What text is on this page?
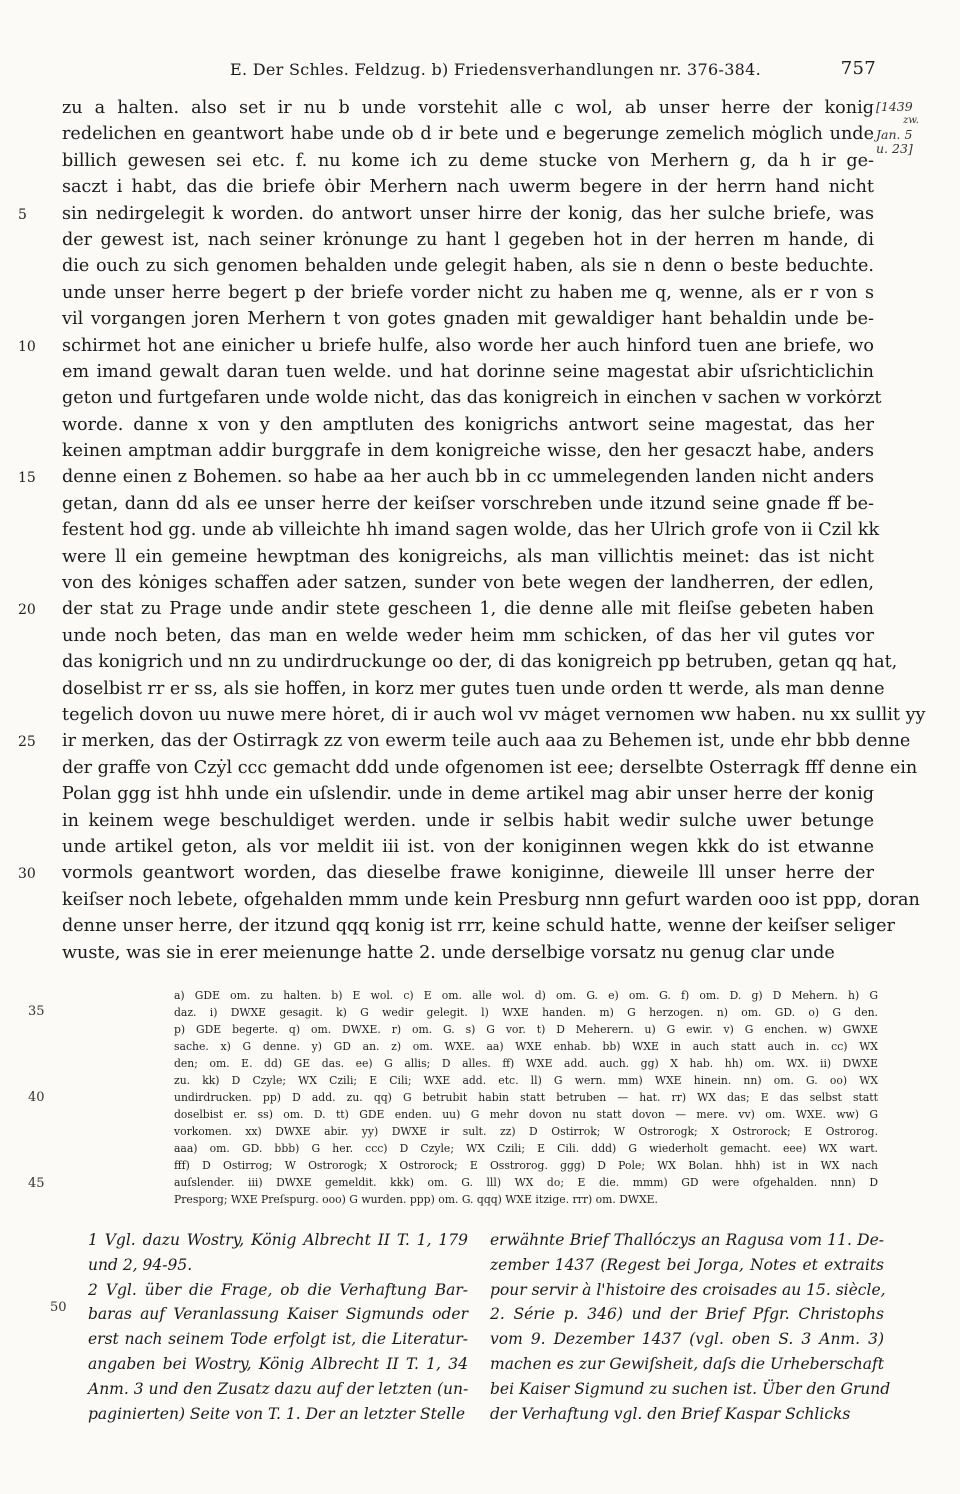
E. Der Schles. Feldzug. b) Friedensverhandlungen nr. 376-384.	757
[1439
zw.
Jan. 5
u. 23]
zu a halten. also set ir nu b unde vorstehit alle c wol, ab unser herre der konig
redelichen en geantwort habe unde ob d ir bete und e begerunge zemelich mȯglich unde
billich gewesen sei etc. f. nu kome ich zu deme stucke von Merhern g, da h ir ge-
saczt i habt, das die briefe ȯbir Merhern nach uwerm begere in der herrn hand nicht
5	sin nedirgelegit k worden. do antwort unser hirre der konig, das her sulche briefe, was
der gewest ist, nach seiner krȯnunge zu hant l gegeben hot in der herren m hande, di
die ouch zu sich genomen behalden unde gelegit haben, als sie n denn o beste beduchte.
unde unser herre begert p der briefe vorder nicht zu haben me q, wenne, als er r von s
vil vorgangen joren Merhern t von gotes gnaden mit gewaldiger hant behaldin unde be-
10	schirmet hot ane einicher u briefe hulfe, also worde her auch hinford tuen ane briefe, wo
em imand gewalt daran tuen welde. und hat dorinne seine magestat abir uſsrichticlichin
geton und furtgefaren unde wolde nicht, das das konigreich in einchen v sachen w vorkȯrzt
worde. danne x von y den amptluten des konigrichs antwort seine magestat, das her
keinen amptman addir burggrafe in dem konigreiche wisse, den her gesaczt habe, anders
15	denne einen z Bohemen. so habe aa her auch bb in cc ummelegenden landen nicht anders
getan, dann dd als ee unser herre der keiſser vorschreben unde itzund seine gnade ff be-
festent hod gg. unde ab villeichte hh imand sagen wolde, das her Ulrich grofe von ii Czil kk
were ll ein gemeine hewptman des konigreichs, als man villichtis meinet: das ist nicht
von des kȯniges schaffen ader satzen, sunder von bete wegen der landherren, der edlen,
20	der stat zu Prage unde andir stete gescheen 1, die denne alle mit fleiſse gebeten haben
unde noch beten, das man en welde weder heim mm schicken, of das her vil gutes vor
das konigrich und nn zu undirdruckunge oo der, di das konigreich pp betruben, getan qq hat,
doselbist rr er ss, als sie hoffen, in korz mer gutes tuen unde orden tt werde, als man denne
tegelich dovon uu nuwe mere hȯret, di ir auch wol vv mȧget vernomen ww haben. nu xx sullit yy
25	ir merken, das der Ostirragk zz von ewerm teile auch aaa zu Behemen ist, unde ehr bbb denne
der graffe von Czẏl ccc gemacht ddd unde ofgenomen ist eee; derselbte Osterragk fff denne ein
Polan ggg ist hhh unde ein uſslendir. unde in deme artikel mag abir unser herre der konig
in keinem wege beschuldiget werden. unde ir selbis habit wedir sulche uwer betunge
unde artikel geton, als vor meldit iii ist. von der koniginnen wegen kkk do ist etwanne
30	vormols geantwort worden, das dieselbe frawe koniginne, dieweile lll unser herre der
keiſser noch lebete, ofgehalden mmm unde kein Presburg nnn gefurt warden ooo ist ppp, doran
denne unser herre, der itzund qqq konig ist rrr, keine schuld hatte, wenne der keiſser seliger
wuste, was sie in erer meienunge hatte 2. unde derselbige vorsatz nu genug clar unde
35
40
45
a) GDE om. zu halten. b) E wol. c) E om. alle wol. d) om. G. e) om. G. f) om. D. g) D Mehern. h) G
daz. i) DWXE gesagit. k) G wedir gelegit. l) WXE handen. m) G herzogen. n) om. GD. o) G den.
p) GDE begerte. q) om. DWXE. r) om. G. s) G vor. t) D Meherern. u) G ewir. v) G enchen. w) GWXE
sache. x) G denne. y) GD an. z) om. WXE. aa) WXE enhab. bb) WXE in auch statt auch in. cc) WX
den; om. E. dd) GE das. ee) G allis; D alles. ff) WXE add. auch. gg) X hab. hh) om. WX. ii) DWXE
zu. kk) D Czyle; WX Czili; E Cili; WXE add. etc. ll) G wern. mm) WXE hinein. nn) om. G. oo) WX
undirdrucken. pp) D add. zu. qq) G betrubit habin statt betruben — hat. rr) WX das; E das selbst statt
doselbist er. ss) om. D. tt) GDE enden. uu) G mehr dovon nu statt dovon — mere. vv) om. WXE. ww) G
vorkomen. xx) DWXE abir. yy) DWXE ir sult. zz) D Ostirrok; W Ostrorogk; X Ostrorock; E Ostrorog.
aaa) om. GD. bbb) G her. ccc) D Czyle; WX Czili; E Cili. ddd) G wiederholt gemacht. eee) WX wart.
fff) D Ostirrog; W Ostrorogk; X Ostrorock; E Osstrorog. ggg) D Pole; WX Bolan. hhh) ist in WX nach
auſslender. iii) DWXE gemeldit. kkk) om. G. lll) WX do; E die. mmm) GD were ofgehalden. nnn) D
Presporg; WXE Preſspurg. ooo) G wurden. ppp) om. G. qqq) WXE itzige. rrr) om. DWXE.
50
1 Vgl. dazu Wostry, König Albrecht II T. 1, 179
und 2, 94-95.
2 Vgl. über die Frage, ob die Verhaftung Bar-
baras auf Veranlassung Kaiser Sigmunds oder
erst nach seinem Tode erfolgt ist, die Literatur-
angaben bei Wostry, König Albrecht II T. 1, 34
Anm. 3 und den Zusatz dazu auf der letzten (un-
paginierten) Seite von T. 1. Der an letzter Stelle
erwähnte Brief Thallóczys an Ragusa vom 11. De-
zember 1437 (Regest bei Jorga, Notes et extraits
pour servir à l'histoire des croisades au 15. siècle,
2. Série p. 346) und der Brief Pfgr. Christophs
vom 9. Dezember 1437 (vgl. oben S. 3 Anm. 3)
machen es zur Gewiſsheit, daſs die Urheberschaft
bei Kaiser Sigmund zu suchen ist. Über den Grund
der Verhaftung vgl. den Brief Kaspar Schlicks
